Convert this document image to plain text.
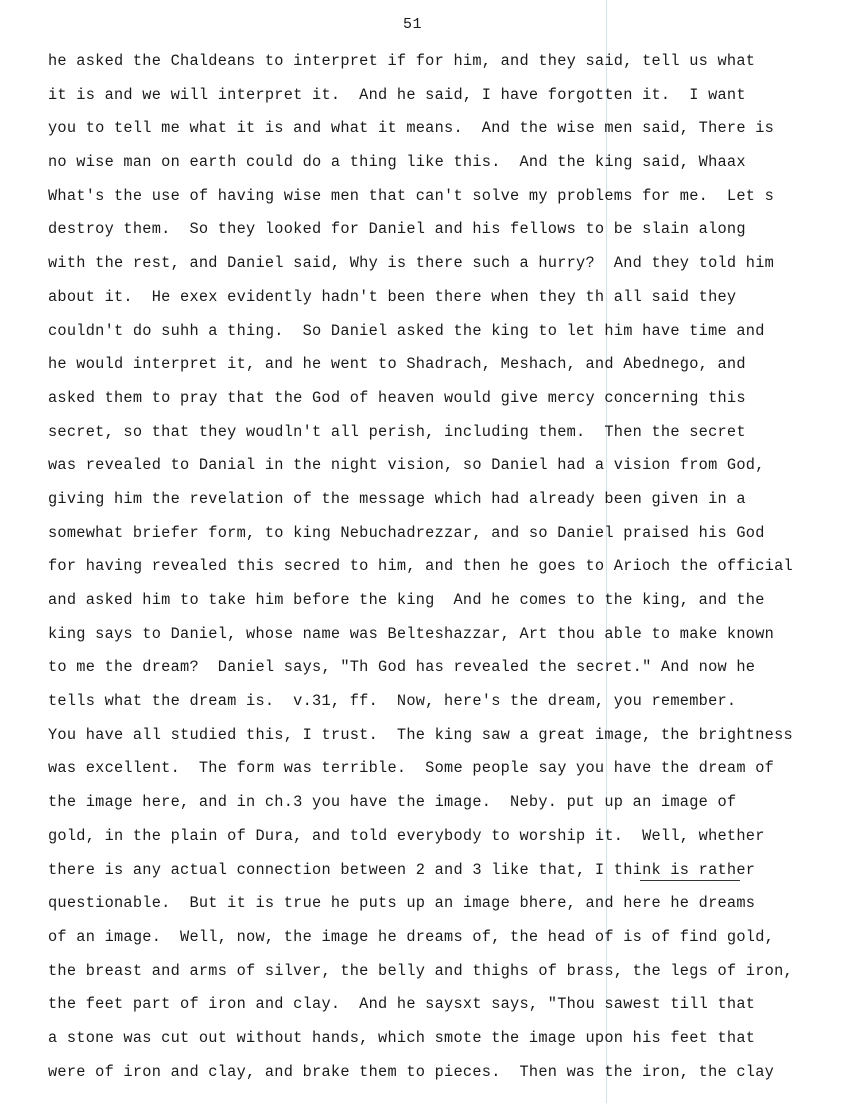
51
he asked the Chaldeans to interpret if for him, and they said, tell us what
it is and we will interpret it.  And he said, I have forgotten it.  I want
you to tell me what it is and what it means.  And the wise men said, There is
no wise man on earth could do a thing like this.  And the king said, Whaax
What's the use of having wise men that can't solve my problems for me.  Let s
destroy them.  So they looked for Daniel and his fellows to be slain along
with the rest, and Daniel said, Why is there such a hurry?  And they told him
about it.  He exex evidently hadn't been there when they th all said they
couldn't do suhh a thing.  So Daniel asked the king to let him have time and
he would interpret it, and he went to Shadrach, Meshach, and Abednego, and
asked them to pray that the God of heaven would give mercy concerning this
secret, so that they woudln't all perish, including them.  Then the secret
was revealed to Danial in the night vision, so Daniel had a vision from God,
giving him the revelation of the message which had already been given in a
somewhat briefer form, to king Nebuchadrezzar, and so Daniel praised his God
for having revealed this secred to him, and then he goes to Arioch the official
and asked him to take him before the king  And he comes to the king, and the
king says to Daniel, whose name was Belteshazzar, Art thou able to make known
to me the dream?  Daniel says, "Th God has revealed the secret." And now he
tells what the dream is.  v.31, ff.  Now, here's the dream, you remember.
You have all studied this, I trust.  The king saw a great image, the brightness
was excellent.  The form was terrible.  Some people say you have the dream of
the image here, and in ch.3 you have the image.  Neby. put up an image of
gold, in the plain of Dura, and told everybody to worship it.  Well, whether
there is any actual connection between 2 and 3 like that, I think is rather
questionable.  But it is true he puts up an image bhere, and here he dreams
of an image.  Well, now, the image he dreams of, the head of is of find gold,
the breast and arms of silver, the belly and thighs of brass, the legs of iron,
the feet part of iron and clay.  And he saysxt says, "Thou sawest till that
a stone was cut out without hands, which smote the image upon his feet that
were of iron and clay, and brake them to pieces.  Then was the iron, the clay
